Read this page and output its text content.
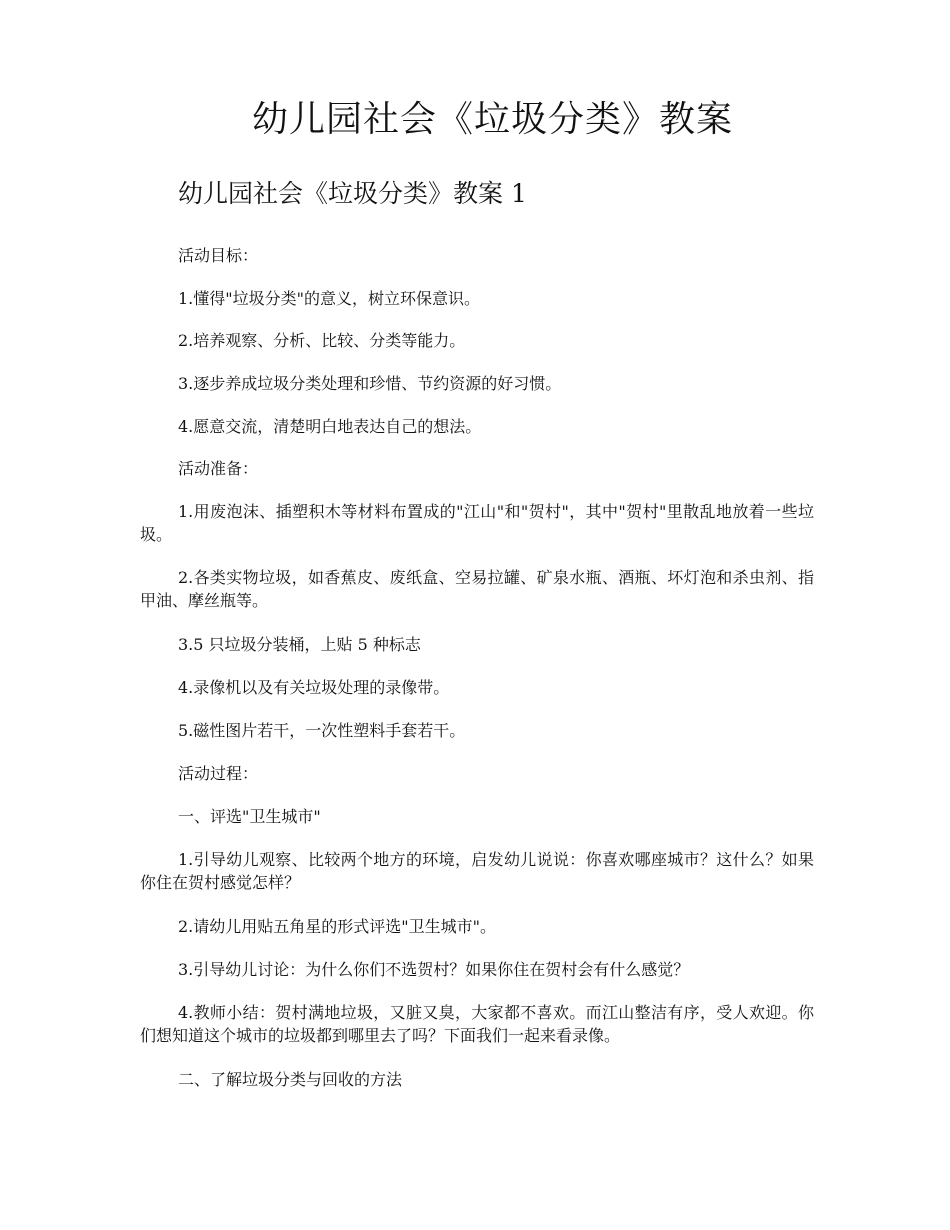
幼儿园社会《垃圾分类》教案
幼儿园社会《垃圾分类》教案 1

活动目标：

1.懂得"垃圾分类"的意义，树立环保意识。

2.培养观察、分析、比较、分类等能力。

3.逐步养成垃圾分类处理和珍惜、节约资源的好习惯。

4.愿意交流，清楚明白地表达自己的想法。

活动准备：

1.用废泡沫、插塑积木等材料布置成的"江山"和"贺村"，其中"贺村"里散乱地放着一些垃圾。

2.各类实物垃圾，如香蕉皮、废纸盒、空易拉罐、矿泉水瓶、酒瓶、坏灯泡和杀虫剂、指甲油、摩丝瓶等。

3.5 只垃圾分装桶，上贴 5 种标志

4.录像机以及有关垃圾处理的录像带。

5.磁性图片若干，一次性塑料手套若干。

活动过程：

一、评选"卫生城市"

1.引导幼儿观察、比较两个地方的环境，启发幼儿说说：你喜欢哪座城市？这什么？如果你住在贺村感觉怎样？

2.请幼儿用贴五角星的形式评选"卫生城市"。

3.引导幼儿讨论：为什么你们不选贺村？如果你住在贺村会有什么感觉？

4.教师小结：贺村满地垃圾，又脏又臭，大家都不喜欢。而江山整洁有序，受人欢迎。你们想知道这个城市的垃圾都到哪里去了吗？下面我们一起来看录像。

二、了解垃圾分类与回收的方法
